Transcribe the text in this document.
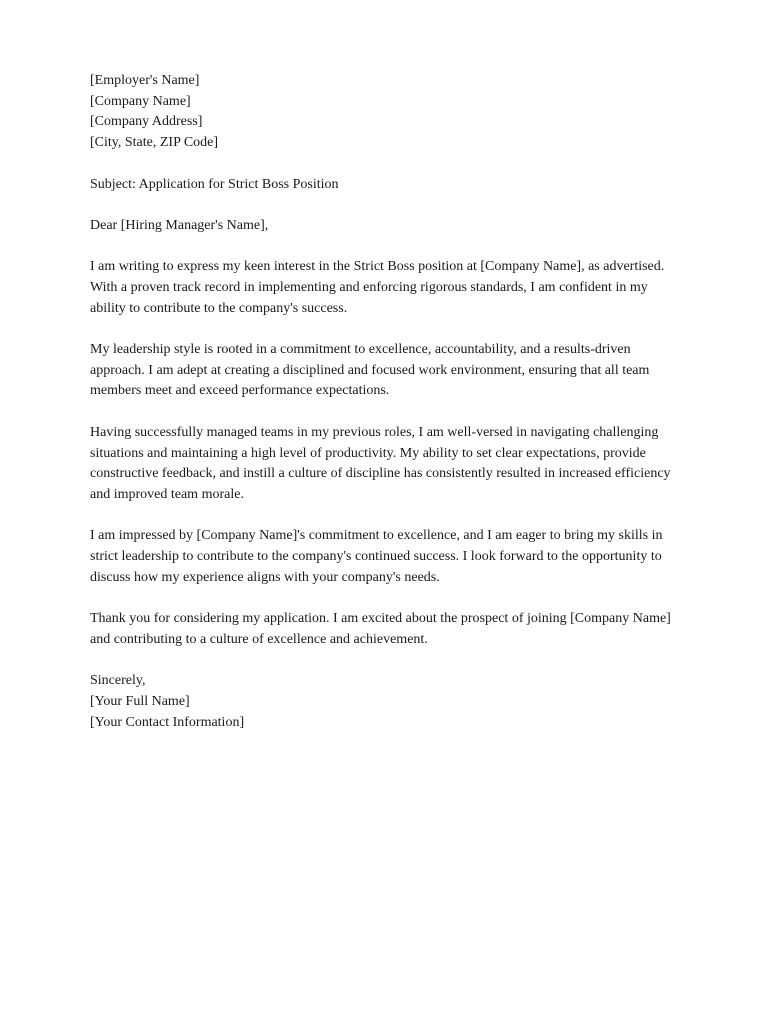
[Employer's Name]
[Company Name]
[Company Address]
[City, State, ZIP Code]
Subject: Application for Strict Boss Position
Dear [Hiring Manager's Name],
I am writing to express my keen interest in the Strict Boss position at [Company Name], as advertised.
With a proven track record in implementing and enforcing rigorous standards, I am confident in my
ability to contribute to the company's success.
My leadership style is rooted in a commitment to excellence, accountability, and a results-driven
approach. I am adept at creating a disciplined and focused work environment, ensuring that all team
members meet and exceed performance expectations.
Having successfully managed teams in my previous roles, I am well-versed in navigating challenging
situations and maintaining a high level of productivity. My ability to set clear expectations, provide
constructive feedback, and instill a culture of discipline has consistently resulted in increased efficiency
and improved team morale.
I am impressed by [Company Name]'s commitment to excellence, and I am eager to bring my skills in
strict leadership to contribute to the company's continued success. I look forward to the opportunity to
discuss how my experience aligns with your company's needs.
Thank you for considering my application. I am excited about the prospect of joining [Company Name]
and contributing to a culture of excellence and achievement.
Sincerely,
[Your Full Name]
[Your Contact Information]
